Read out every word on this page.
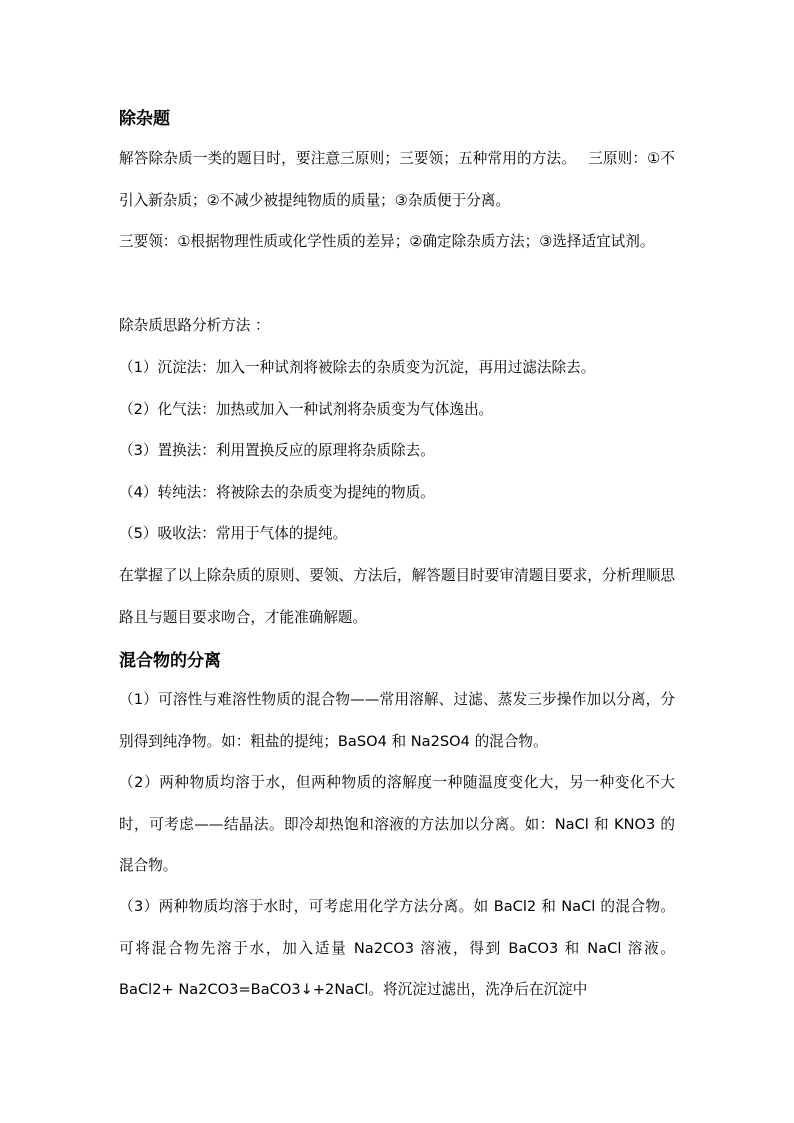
除杂题
解答除杂质一类的题目时，要注意三原则；三要领；五种常用的方法。　 三原则：①不引入新杂质；②不减少被提纯物质的质量；③杂质便于分离。
三要领：①根据物理性质或化学性质的差异；②确定除杂质方法；③选择适宜试剂。
除杂质思路分析方法 ：
（1）沉淀法：加入一种试剂将被除去的杂质变为沉淀，再用过滤法除去。
（2）化气法：加热或加入一种试剂将杂质变为气体逸出。
（3）置换法：利用置换反应的原理将杂质除去。
（4）转纯法：将被除去的杂质变为提纯的物质。
（5）吸收法：常用于气体的提纯。
在掌握了以上除杂质的原则、要领、方法后，解答题目时要审清题目要求，分析理顺思路且与题目要求吻合，才能准确解题。
混合物的分离
（1）可溶性与难溶性物质的混合物——常用溶解、过滤、蒸发三步操作加以分离，分别得到纯净物。如：粗盐的提纯；BaSO4 和 Na2SO4 的混合物。
（2）两种物质均溶于水，但两种物质的溶解度一种随温度变化大，另一种变化不大时，可考虑——结晶法。即冷却热饱和溶液的方法加以分离。如：NaCl 和 KNO3 的混合物。
（3）两种物质均溶于水时，可考虑用化学方法分离。如 BaCl2 和 NaCl 的混合物。可将混合物先溶于水，加入适量 Na2CO3 溶液，得到 BaCO3 和 NaCl 溶液。 BaCl2+ Na2CO3=BaCO3↓+2NaCl。将沉淀过滤出，洗净后在沉淀中
